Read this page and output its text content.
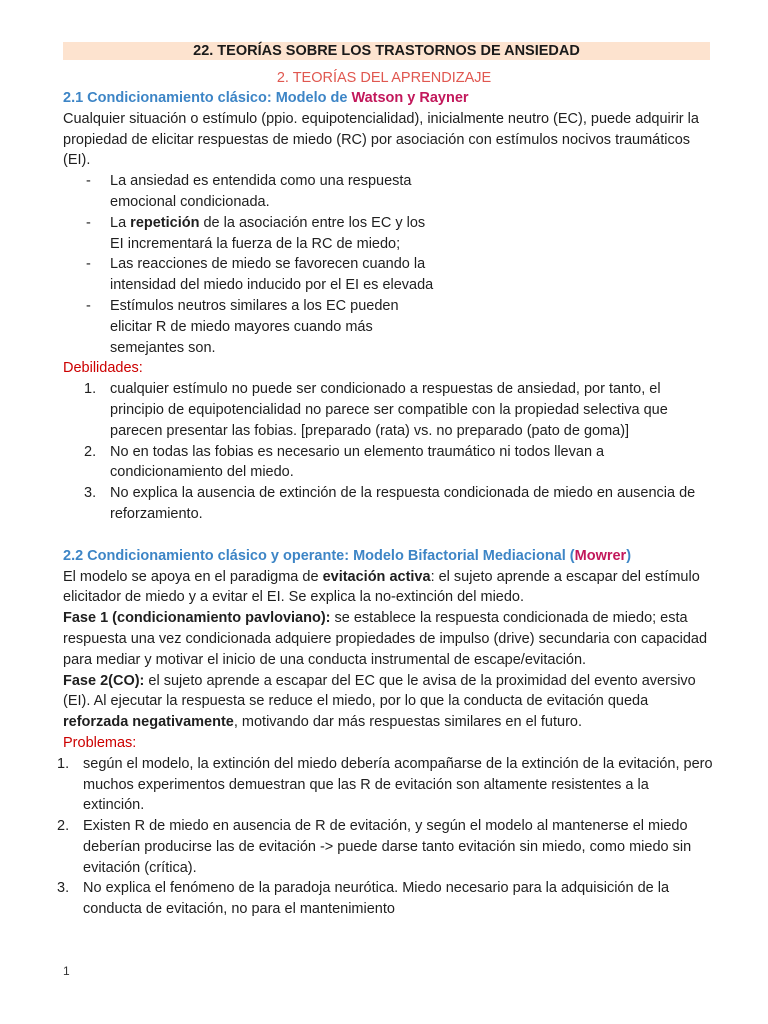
22. TEORÍAS SOBRE LOS TRASTORNOS DE ANSIEDAD
2. TEORÍAS DEL APRENDIZAJE

2.1 Condicionamiento clásico: Modelo de Watson y Rayner

Cualquier situación o estímulo (ppio. equipotencialidad), inicialmente neutro (EC), puede adquirir la propiedad de elicitar respuestas de miedo (RC) por asociación con estímulos nocivos traumáticos (EI).

- La ansiedad es entendida como una respuesta emocional condicionada.
- La repetición de la asociación entre los EC y los EI incrementará la fuerza de la RC de miedo;
- Las reacciones de miedo se favorecen cuando la intensidad del miedo inducido por el EI es elevada
- Estímulos neutros similares a los EC pueden elicitar R de miedo mayores cuando más semejantes son.

Debilidades:

1. cualquier estímulo no puede ser condicionado a respuestas de ansiedad, por tanto, el principio de equipotencialidad no parece ser compatible con la propiedad selectiva que parecen presentar las fobias. [preparado (rata) vs. no preparado (pato de goma)]
2. No en todas las fobias es necesario un elemento traumático ni todos llevan a condicionamiento del miedo.
3. No explica la ausencia de extinción de la respuesta condicionada de miedo en ausencia de reforzamiento.

2.2 Condicionamiento clásico y operante: Modelo Bifactorial Mediacional (Mowrer)

El modelo se apoya en el paradigma de evitación activa: el sujeto aprende a escapar del estímulo elicitador de miedo y a evitar el EI. Se explica la no-extinción del miedo.

Fase 1 (condicionamiento pavloviano): se establece la respuesta condicionada de miedo; esta respuesta una vez condicionada adquiere propiedades de impulso (drive) secundaria con capacidad para mediar y motivar el inicio de una conducta instrumental de escape/evitación.

Fase 2(CO): el sujeto aprende a escapar del EC que le avisa de la proximidad del evento aversivo (EI). Al ejecutar la respuesta se reduce el miedo, por lo que la conducta de evitación queda reforzada negativamente, motivando dar más respuestas similares en el futuro.

Problemas:

1. según el modelo, la extinción del miedo debería acompañarse de la extinción de la evitación, pero muchos experimentos demuestran que las R de evitación son altamente resistentes a la extinción.
2. Existen R de miedo en ausencia de R de evitación, y según el modelo al mantenerse el miedo deberían producirse las de evitación -> puede darse tanto evitación sin miedo, como miedo sin evitación (crítica).
3. No explica el fenómeno de la paradoja neurótica. Miedo necesario para la adquisición de la conducta de evitación, no para el mantenimiento
1
